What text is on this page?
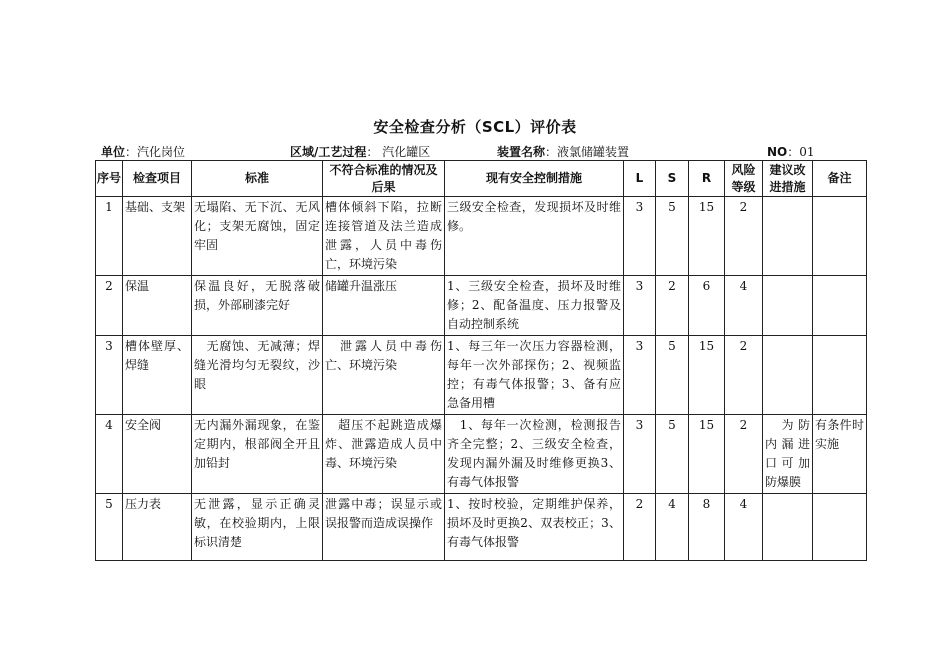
安全检查分析（SCL）评价表
单位：汽化岗位	区域/工艺过程： 汽化罐区	装置名称：液氯储罐装置	NO：01
序号	检查项目	标准	不符合标准的情况及后果	现有安全控制措施	L	S	R	风险等级	建议改进措施	备注
1	基础、支架	无塌陷、无下沉、无风化；支架无腐蚀，固定牢固	槽体倾斜下陷，拉断连接管道及法兰造成泄露，人员中毒伤亡，环境污染	三级安全检查，发现损坏及时维修。	3	5	15	2		
2	保温	保温良好，无脱落破损，外部刷漆完好	储罐升温涨压	1、三级安全检查，损坏及时维修；2、配备温度、压力报警及自动控制系统	3	2	6	4		
3	槽体壁厚、焊缝	　无腐蚀、无减薄；焊缝光滑均匀无裂纹，沙眼	　泄露人员中毒伤亡、环境污染	1、每三年一次压力容器检测，每年一次外部探伤；2、视频监控；有毒气体报警；3、备有应急备用槽	3	5	15	2		
4	安全阀	无内漏外漏现象，在鉴定期内，根部阀全开且加铅封	　超压不起跳造成爆炸、泄露造成人员中毒、环境污染	　1、每年一次检测，检测报告齐全完整；2、三级安全检查，发现内漏外漏及时维修更换3、有毒气体报警	3	5	15	2	　为防内漏进口可加防爆膜	有条件时实施
5	压力表	无泄露，显示正确灵敏，在校验期内，上限标识清楚	泄露中毒；误显示或误报警而造成误操作	1、按时校验，定期维护保养，损坏及时更换2、双表校正；3、有毒气体报警	2	4	8	4		
